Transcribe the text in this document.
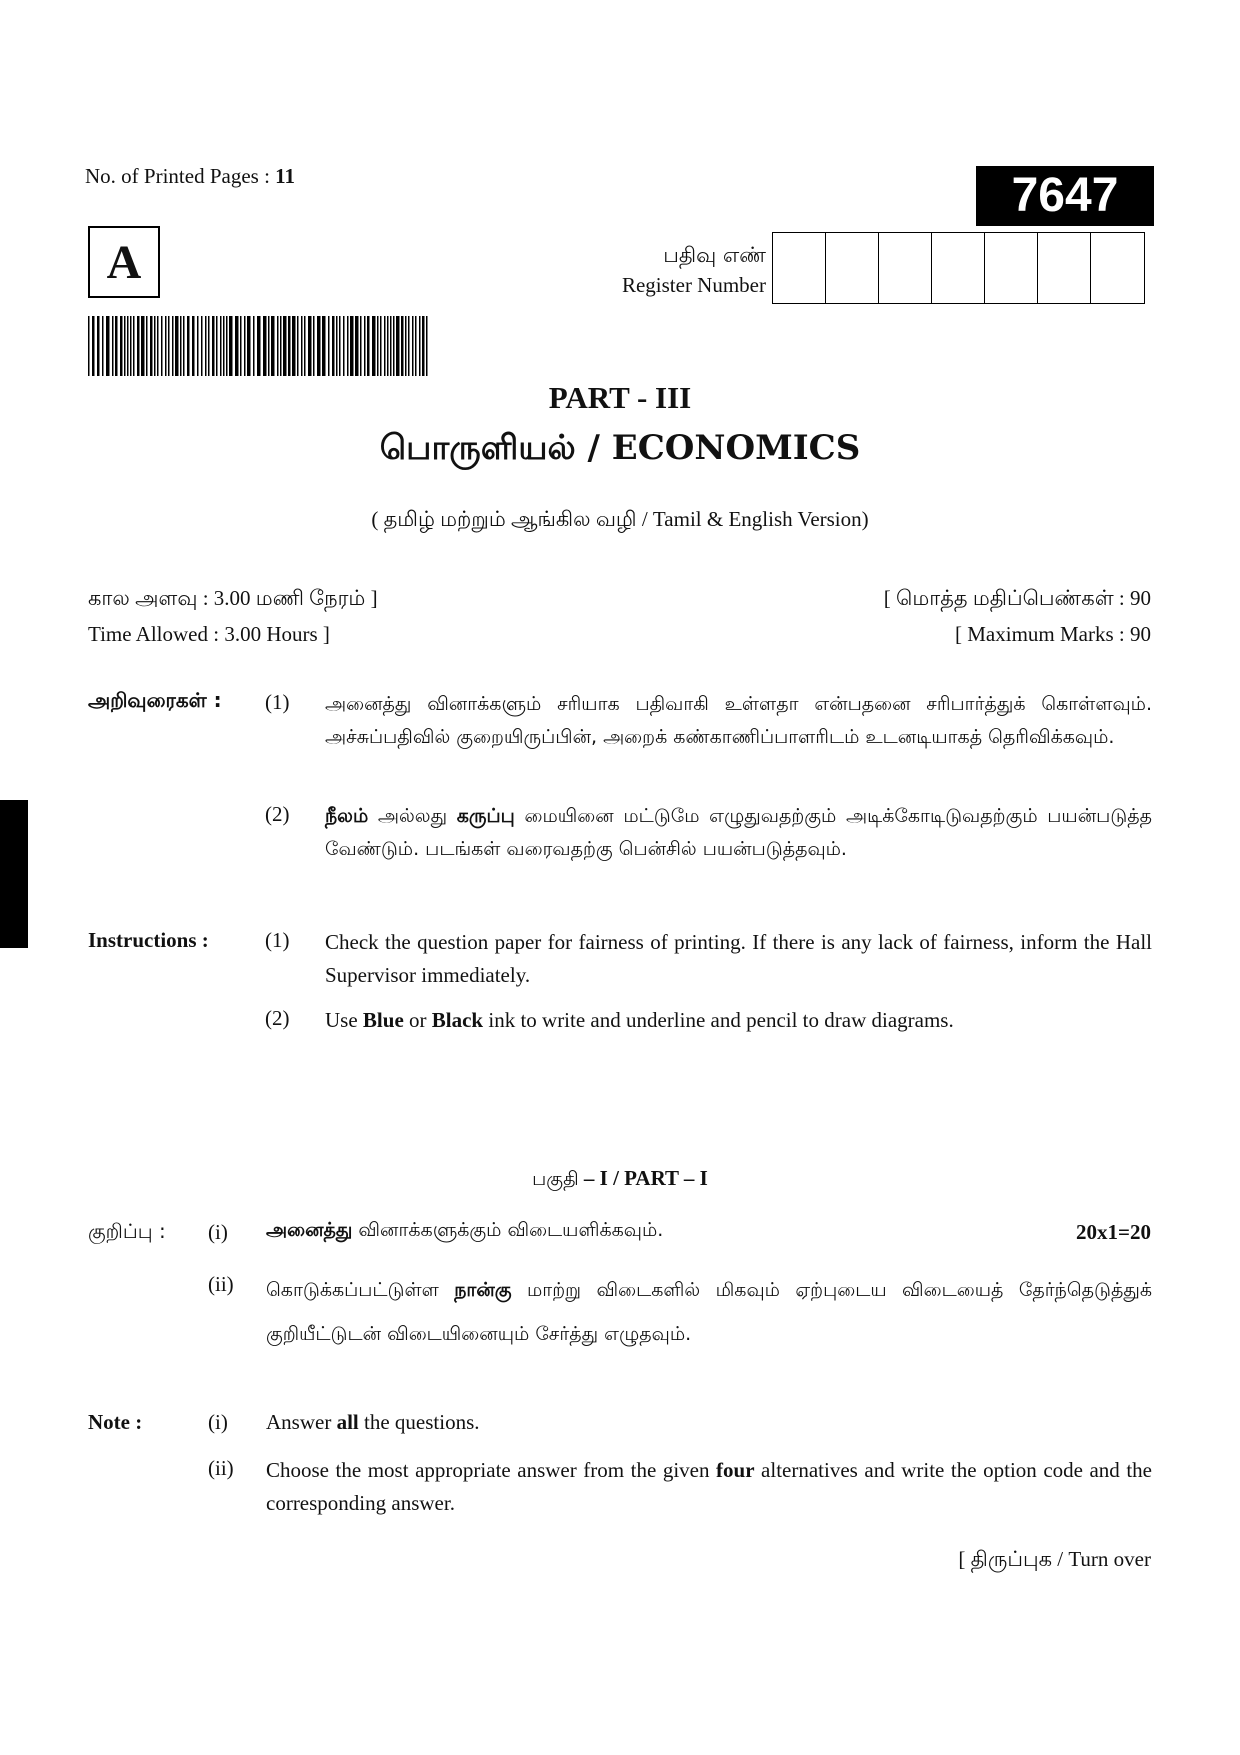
No. of Printed Pages : 11	7647
A	பதிவு எண்
Register Number
PART - III
பொருளியல் / ECONOMICS
( தமிழ் மற்றும் ஆங்கில வழி / Tamil & English Version)
கால அளவு : 3.00 மணி நேரம் ]
Time Allowed : 3.00 Hours ]
[ மொத்த மதிப்பெண்கள் : 90
[ Maximum Marks : 90
அறிவுரைகள் : (1) அனைத்து வினாக்களும் சரியாக பதிவாகி உள்ளதா என்பதனை சரிபார்த்துக் கொள்ளவும். அச்சுப்பதிவில் குறையிருப்பின், அறைக் கண்காணிப்பாளரிடம் உடனடியாகத் தெரிவிக்கவும்.
(2) நீலம் அல்லது கருப்பு மையினை மட்டுமே எழுதுவதற்கும் அடிக்கோடிடுவதற்கும் பயன்படுத்த வேண்டும். படங்கள் வரைவதற்கு பென்சில் பயன்படுத்தவும்.
Instructions :	(1) Check the question paper for fairness of printing. If there is any lack of fairness, inform the Hall Supervisor immediately.
(2) Use Blue or Black ink to write and underline and pencil to draw diagrams.
பகுதி – I / PART – I
குறிப்பு : (i) அனைத்து வினாக்களுக்கும் விடையளிக்கவும்.	20x1=20
(ii) கொடுக்கப்பட்டுள்ள நான்கு மாற்று விடைகளில் மிகவும் ஏற்புடைய விடையைத் தேர்ந்தெடுத்துக் குறியீட்டுடன் விடையினையும் சேர்த்து எழுதவும்.
Note :	(i) Answer all the questions.
(ii) Choose the most appropriate answer from the given four alternatives and write the option code and the corresponding answer.
[ திருப்புக / Turn over
